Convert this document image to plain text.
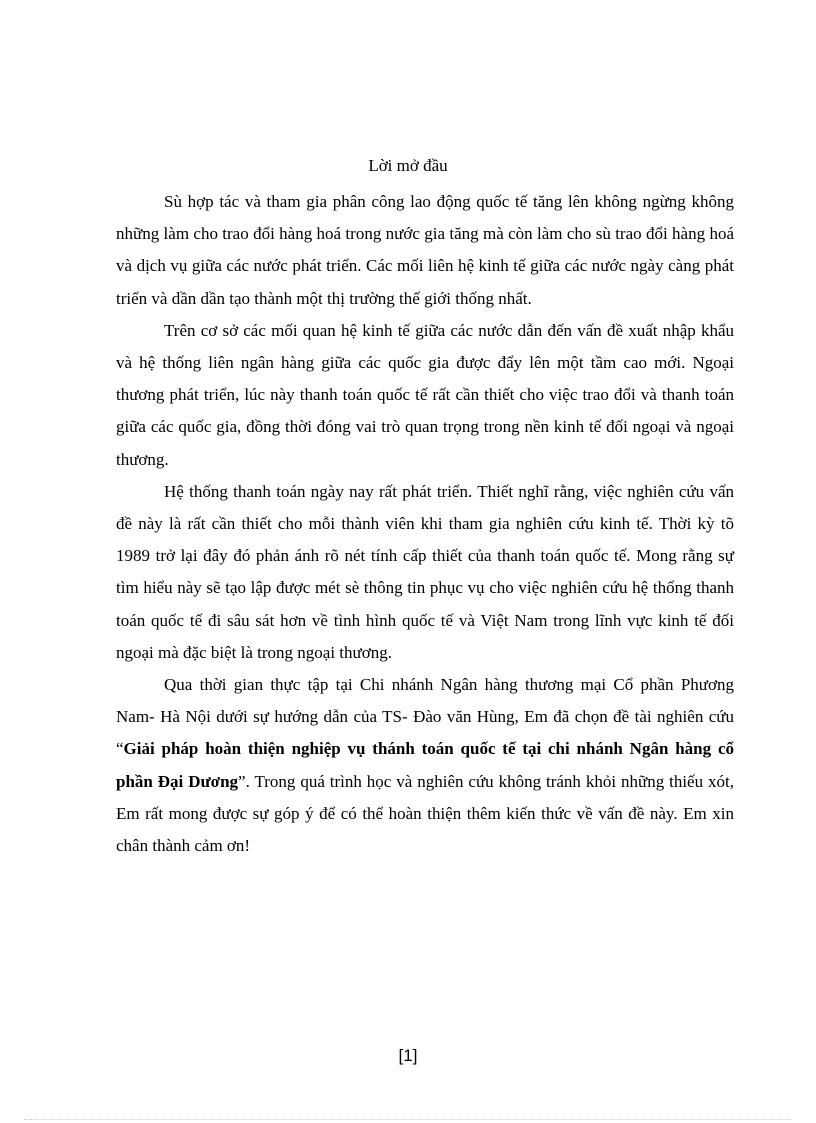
Lời mở đầu

Sù hợp tác và tham gia phân công lao động quốc tế tăng lên không ngừng không những làm cho trao đổi hàng hoá trong nước gia tăng mà còn làm cho sù trao đổi hàng hoá và dịch vụ giữa các nước phát triển. Các mối liên hệ kinh tế giữa các nước ngày càng phát triển và dần dần tạo thành một thị trường thế giới thống nhất.

Trên cơ sở các mối quan hệ kinh tế giữa các nước dẫn đến vấn đề xuất nhập khẩu và hệ thống liên ngân hàng giữa các quốc gia được đẩy lên một tầm cao mới. Ngoại thương phát triển, lúc này thanh toán quốc tế rất cần thiết cho việc trao đổi và thanh toán giữa các quốc gia, đồng thời đóng vai trò quan trọng trong nền kinh tế đối ngoại và ngoại thương.

Hệ thống thanh toán ngày nay rất phát triển. Thiết nghĩ rằng, việc nghiên cứu vấn đề này là rất cần thiết cho mỗi thành viên khi tham gia nghiên cứu kinh tế. Thời kỳ tõ 1989 trở lại đây đó phản ánh rõ nét tính cấp thiết của thanh toán quốc tế. Mong rằng sự tìm hiểu này sẽ tạo lập được mét sè thông tin phục vụ cho việc nghiên cứu hệ thống thanh toán quốc tế đi sâu sát hơn về tình hình quốc tế và Việt Nam trong lĩnh vực kinh tế đối ngoại mà đặc biệt là trong ngoại thương.

Qua thời gian thực tập tại Chi nhánh Ngân hàng thương mại Cổ phần Phương Nam- Hà Nội dưới sự hướng dẫn của TS- Đào văn Hùng, Em đã chọn đề tài nghiên cứu “Giải pháp hoàn thiện nghiệp vụ thánh toán quốc tế tại chi nhánh Ngân hàng cổ phần Đại Dương”. Trong quá trình học và nghiên cứu không tránh khỏi những thiếu xót, Em rất mong được sự góp ý để có thể hoàn thiện thêm kiến thức về vấn đề này. Em xin chân thành cảm ơn!

[1]
